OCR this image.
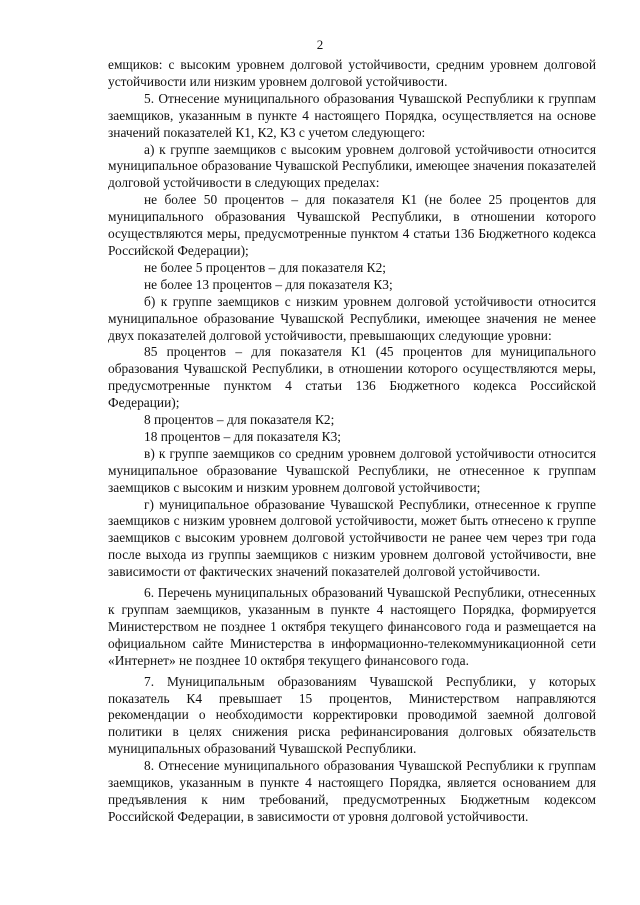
2

емщиков: с высоким уровнем долговой устойчивости, средним уровнем долговой устойчивости или низким уровнем долговой устойчивости.

5. Отнесение муниципального образования Чувашской Республики к группам заемщиков, указанным в пункте 4 настоящего Порядка, осуществляется на основе значений показателей К1, К2, К3 с учетом следующего:

а) к группе заемщиков с высоким уровнем долговой устойчивости относится муниципальное образование Чувашской Республики, имеющее значения показателей долговой устойчивости в следующих пределах:

не более 50 процентов – для показателя К1 (не более 25 процентов для муниципального образования Чувашской Республики, в отношении которого осуществляются меры, предусмотренные пунктом 4 статьи 136 Бюджетного кодекса Российской Федерации);

не более 5 процентов – для показателя К2;

не более 13 процентов – для показателя К3;

б) к группе заемщиков с низким уровнем долговой устойчивости относится муниципальное образование Чувашской Республики, имеющее значения не менее двух показателей долговой устойчивости, превышающих следующие уровни:

85 процентов – для показателя К1 (45 процентов для муниципального образования Чувашской Республики, в отношении которого осуществляются меры, предусмотренные пунктом 4 статьи 136 Бюджетного кодекса Российской Федерации);

8 процентов – для показателя К2;

18 процентов – для показателя К3;

в) к группе заемщиков со средним уровнем долговой устойчивости относится муниципальное образование Чувашской Республики, не отнесенное к группам заемщиков с высоким и низким уровнем долговой устойчивости;

г) муниципальное образование Чувашской Республики, отнесенное к группе заемщиков с низким уровнем долговой устойчивости, может быть отнесено к группе заемщиков с высоким уровнем долговой устойчивости не ранее чем через три года после выхода из группы заемщиков с низким уровнем долговой устойчивости, вне зависимости от фактических значений показателей долговой устойчивости.

6. Перечень муниципальных образований Чувашской Республики, отнесенных к группам заемщиков, указанным в пункте 4 настоящего Порядка, формируется Министерством не позднее 1 октября текущего финансового года и размещается на официальном сайте Министерства в информационно-телекоммуникационной сети «Интернет» не позднее 10 октября текущего финансового года.

7. Муниципальным образованиям Чувашской Республики, у которых показатель К4 превышает 15 процентов, Министерством направляются рекомендации о необходимости корректировки проводимой заемной долговой политики в целях снижения риска рефинансирования долговых обязательств муниципальных образований Чувашской Республики.

8. Отнесение муниципального образования Чувашской Республики к группам заемщиков, указанным в пункте 4 настоящего Порядка, является основанием для предъявления к ним требований, предусмотренных Бюджетным кодексом Российской Федерации, в зависимости от уровня долговой устойчивости.
